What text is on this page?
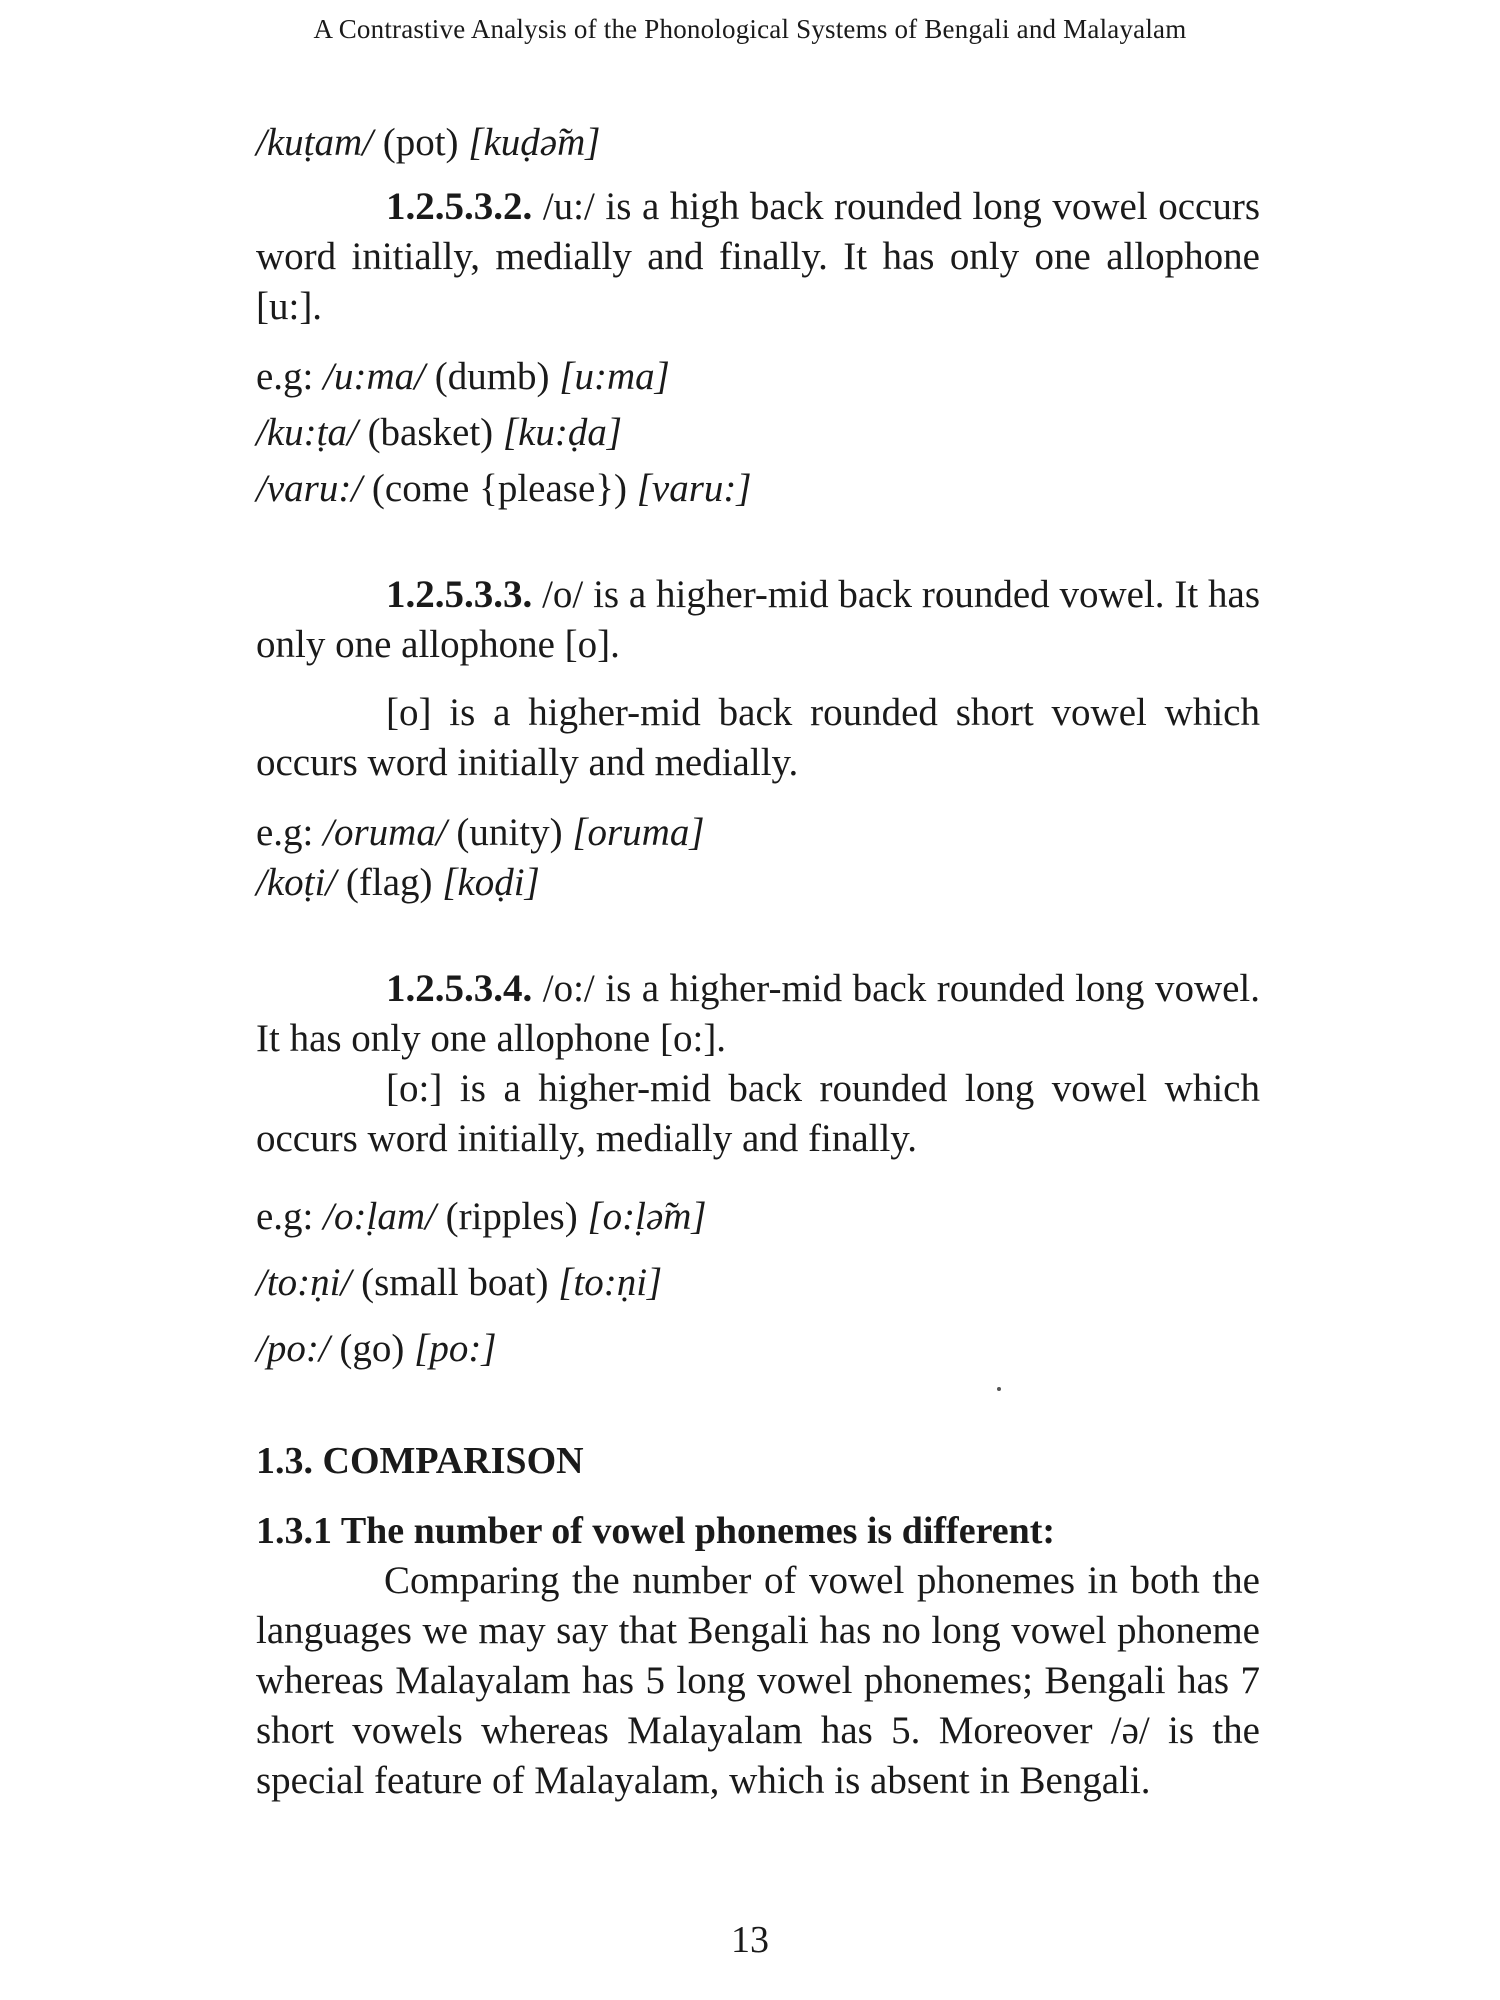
A Contrastive Analysis of the Phonological Systems of Bengali and Malayalam
/kuṭam/ (pot) [kuḍə̃m]
1.2.5.3.2. /u:/ is a high back rounded long vowel occurs word initially, medially and finally. It has only one allophone [u:].
e.g: /u:ma/ (dumb) [u:ma]
/ku:ṭa/ (basket) [ku:ḍa]
/varu:/ (come {please}) [varu:]
1.2.5.3.3. /o/ is a higher-mid back rounded vowel. It has only one allophone [o].
[o] is a higher-mid back rounded short vowel which occurs word initially and medially.
e.g: /oruma/ (unity) [oruma]
/koṭi/ (flag) [koḍi]
1.2.5.3.4. /o:/ is a higher-mid back rounded long vowel. It has only one allophone [o:].
[o:] is a higher-mid back rounded long vowel which occurs word initially, medially and finally.
e.g: /o:ḷam/ (ripples) [o:ḷə̃m]
/to:ṇi/ (small boat) [to:ṇi]
/po:/ (go) [po:]
1.3. COMPARISON
1.3.1 The number of vowel phonemes is different:
Comparing the number of vowel phonemes in both the languages we may say that Bengali has no long vowel phoneme whereas Malayalam has 5 long vowel phonemes; Bengali has 7 short vowels whereas Malayalam has 5. Moreover /ə/ is the special feature of Malayalam, which is absent in Bengali.
13
